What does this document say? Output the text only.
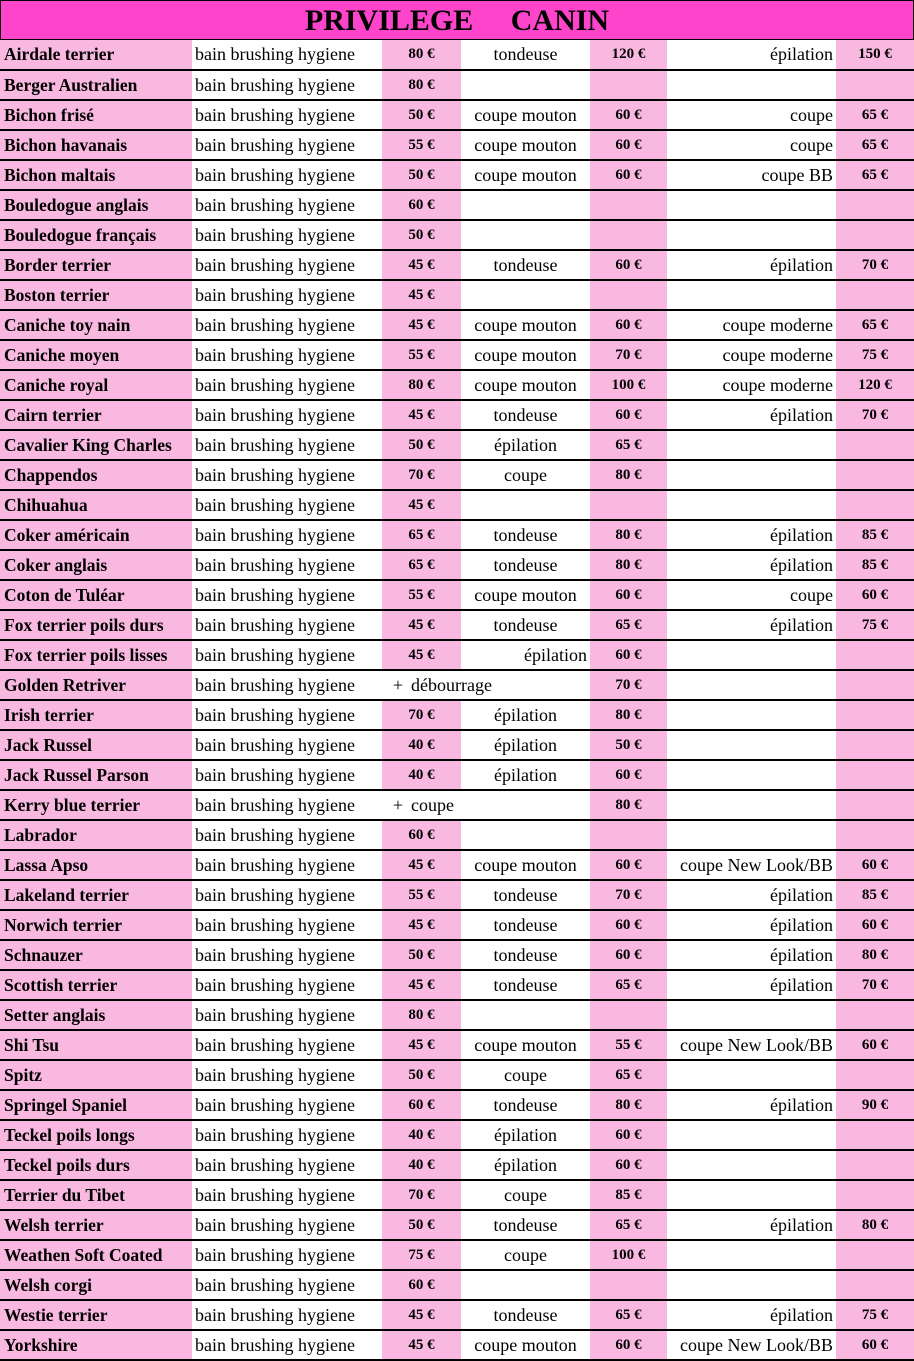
PRIVILEGE     CANIN
Airdale terrier	bain brushing hygiene	80 €	tondeuse	120 €	épilation	150 €
Berger Australien	bain brushing hygiene	80 €				
Bichon frisé	bain brushing hygiene	50 €	coupe mouton	60 €	coupe	65 €
Bichon havanais	bain brushing hygiene	55 €	coupe mouton	60 €	coupe	65 €
Bichon maltais	bain brushing hygiene	50 €	coupe mouton	60 €	coupe BB	65 €
Bouledogue anglais	bain brushing hygiene	60 €				
Bouledogue français	bain brushing hygiene	50 €				
Border terrier	bain brushing hygiene	45 €	tondeuse	60 €	épilation	70 €
Boston terrier	bain brushing hygiene	45 €				
Caniche toy nain	bain brushing hygiene	45 €	coupe mouton	60 €	coupe moderne	65 €
Caniche moyen	bain brushing hygiene	55 €	coupe mouton	70 €	coupe moderne	75 €
Caniche royal	bain brushing hygiene	80 €	coupe mouton	100 €	coupe moderne	120 €
Cairn terrier	bain brushing hygiene	45 €	tondeuse	60 €	épilation	70 €
Cavalier King Charles	bain brushing hygiene	50 €	épilation	65 €		
Chappendos	bain brushing hygiene	70 €	coupe	80 €		
Chihuahua	bain brushing hygiene	45 €				
Coker américain	bain brushing hygiene	65 €	tondeuse	80 €	épilation	85 €
Coker anglais	bain brushing hygiene	65 €	tondeuse	80 €	épilation	85 €
Coton de Tuléar	bain brushing hygiene	55 €	coupe mouton	60 €	coupe	60 €
Fox terrier poils durs	bain brushing hygiene	45 €	tondeuse	65 €	épilation	75 €
Fox terrier poils lisses	bain brushing hygiene	45 €	épilation	60 €		
Golden Retriver	bain brushing hygiene	+ débourrage		70 €		
Irish terrier	bain brushing hygiene	70 €	épilation	80 €		
Jack Russel	bain brushing hygiene	40 €	épilation	50 €		
Jack Russel Parson	bain brushing hygiene	40 €	épilation	60 €		
Kerry blue terrier	bain brushing hygiene	+ coupe		80 €		
Labrador	bain brushing hygiene	60 €				
Lassa Apso	bain brushing hygiene	45 €	coupe mouton	60 €	coupe New Look/BB	60 €
Lakeland terrier	bain brushing hygiene	55 €	tondeuse	70 €	épilation	85 €
Norwich terrier	bain brushing hygiene	45 €	tondeuse	60 €	épilation	60 €
Schnauzer	bain brushing hygiene	50 €	tondeuse	60 €	épilation	80 €
Scottish terrier	bain brushing hygiene	45 €	tondeuse	65 €	épilation	70 €
Setter anglais	bain brushing hygiene	80 €				
Shi Tsu	bain brushing hygiene	45 €	coupe mouton	55 €	coupe New Look/BB	60 €
Spitz	bain brushing hygiene	50 €	coupe	65 €		
Springel Spaniel	bain brushing hygiene	60 €	tondeuse	80 €	épilation	90 €
Teckel poils longs	bain brushing hygiene	40 €	épilation	60 €		
Teckel poils durs	bain brushing hygiene	40 €	épilation	60 €		
Terrier du Tibet	bain brushing hygiene	70 €	coupe	85 €		
Welsh terrier	bain brushing hygiene	50 €	tondeuse	65 €	épilation	80 €
Weathen Soft Coated	bain brushing hygiene	75 €	coupe	100 €		
Welsh corgi	bain brushing hygiene	60 €				
Westie terrier	bain brushing hygiene	45 €	tondeuse	65 €	épilation	75 €
Yorkshire	bain brushing hygiene	45 €	coupe mouton	60 €	coupe New Look/BB	60 €
